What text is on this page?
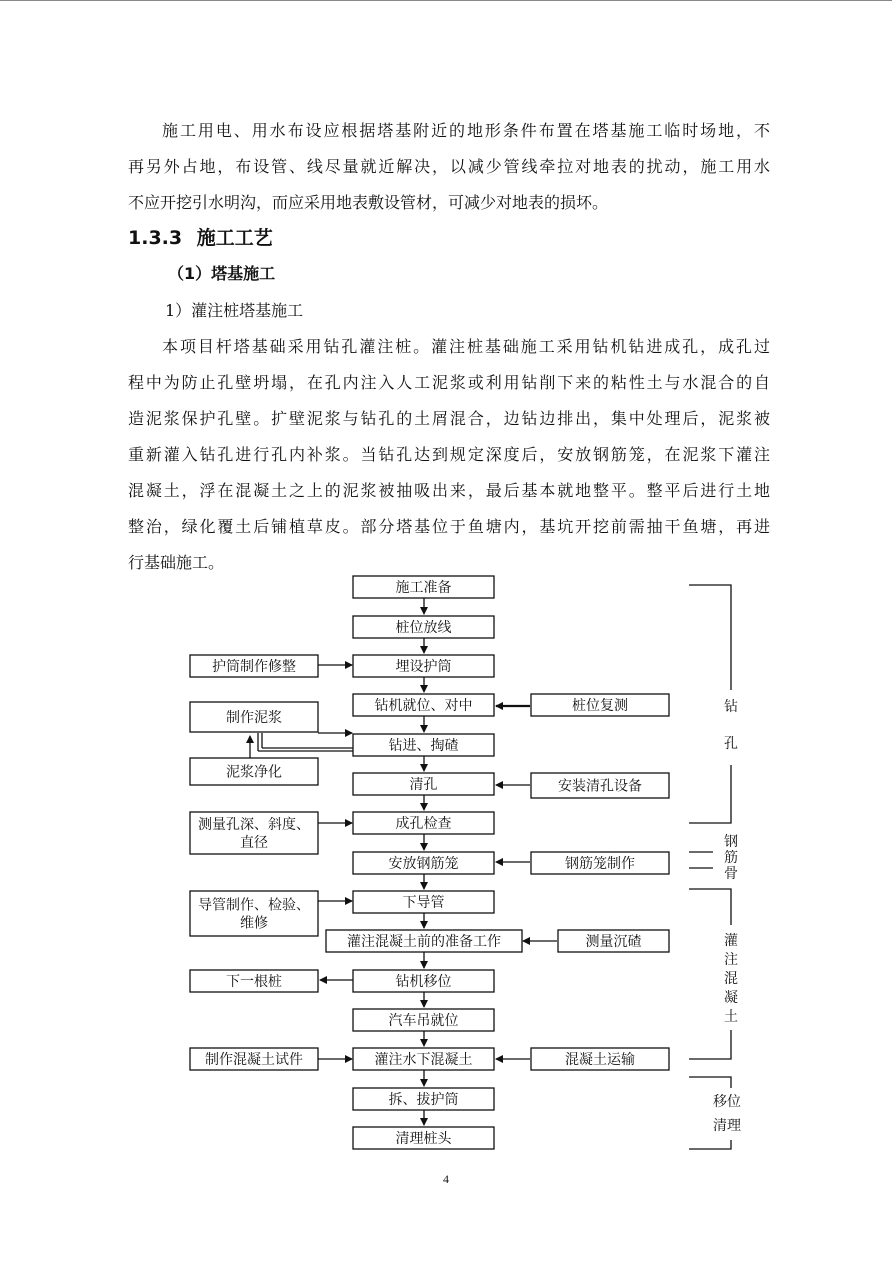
施工用电、用水布设应根据塔基附近的地形条件布置在塔基施工临时场地，不
再另外占地，布设管、线尽量就近解决，以减少管线牵拉对地表的扰动，施工用水
不应开挖引水明沟，而应采用地表敷设管材，可减少对地表的损坏。

1.3.3 施工工艺
（1）塔基施工
1）灌注桩塔基施工

本项目杆塔基础采用钻孔灌注桩。灌注桩基础施工采用钻机钻进成孔，成孔过
程中为防止孔壁坍塌，在孔内注入人工泥浆或利用钻削下来的粘性土与水混合的自
造泥浆保护孔壁。扩壁泥浆与钻孔的土屑混合，边钻边排出，集中处理后，泥浆被
重新灌入钻孔进行孔内补浆。当钻孔达到规定深度后，安放钢筋笼，在泥浆下灌注
混凝土，浮在混凝土之上的泥浆被抽吸出来，最后基本就地整平。整平后进行土地
整治，绿化覆土后铺植草皮。部分塔基位于鱼塘内，基坑开挖前需抽干鱼塘，再进
行基础施工。

施工准备
桩位放线
埋设护筒
钻机就位、对中
钻进、掏碴
清孔
成孔检查
安放钢筋笼
下导管
灌注混凝土前的准备工作
钻机移位
汽车吊就位
灌注水下混凝土
拆、拔护筒
清理桩头
护筒制作修整
制作泥浆
泥浆净化
测量孔深、斜度、
直径
导管制作、检验、
维修
下一根桩
制作混凝土试件
桩位复测
安装清孔设备
钢筋笼制作
测量沉碴
混凝土运输
钻
孔
钢
筋
骨
灌
注
混
凝
土
移位
清理
4
